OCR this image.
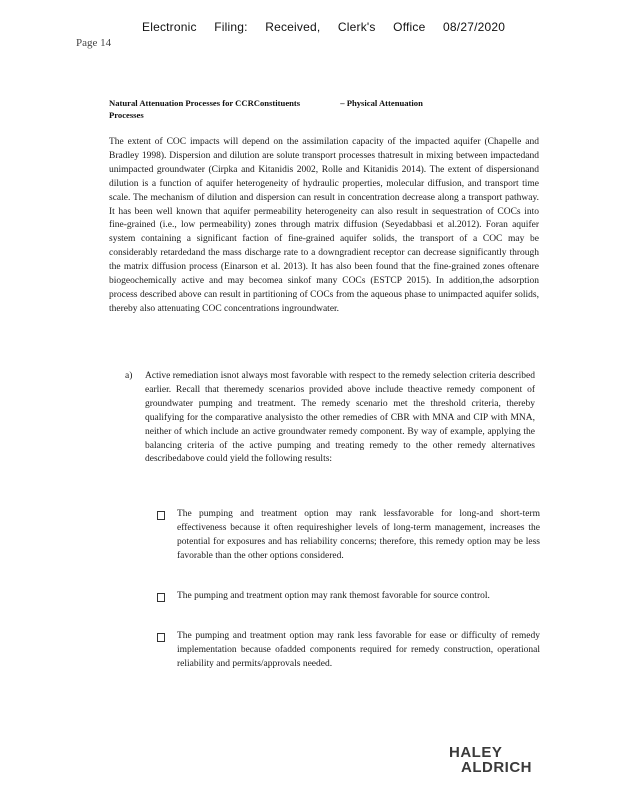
Electronic Filing: Received, Clerk's Office 08/27/2020
Page 14
Natural Attenuation Processes for CCRConstituents	– Physical Attenuation
Processes
The extent of COC impacts will depend on the assimilation capacity of the impacted aquifer (Chapelle and Bradley 1998). Dispersion and dilution are solute transport processes thatresult in mixing between impactedand unimpacted groundwater (Cirpka and Kitanidis 2002, Rolle and Kitanidis 2014). The extent of dispersionand dilution is a function of aquifer heterogeneity of hydraulic properties, molecular diffusion, and transport time scale. The mechanism of dilution and dispersion can result in concentration decrease along a transport pathway. It has been well known that aquifer permeability heterogeneity can also result in sequestration of COCs into fine-grained (i.e., low permeability) zones through matrix diffusion (Seyedabbasi et al.2012). Foran aquifer system containing a significant faction of fine-grained aquifer solids, the transport of a COC may be considerably retardedand the mass discharge rate to a downgradient receptor can decrease significantly through the matrix diffusion process (Einarson et al. 2013). It has also been found that the fine-grained zones oftenare biogeochemically active and may becomea sinkof many COCs (ESTCP 2015). In addition,the adsorption process described above can result in partitioning of COCs from the aqueous phase to unimpacted aquifer solids, thereby also attenuating COC concentrations ingroundwater.
a) Active remediation isnot always most favorable with respect to the remedy selection criteria described earlier. Recall that theremedy scenarios provided above include theactive remedy component of groundwater pumping and treatment. The remedy scenario met the threshold criteria, thereby qualifying for the comparative analysisto the other remedies of CBR with MNA and CIP with MNA, neither of which include an active groundwater remedy component. By way of example, applying the balancing criteria of the active pumping and treating remedy to the other remedy alternatives describedabove could yield the following results:
The pumping and treatment option may rank lessfavorable for long-and short-term effectiveness because it often requireshigher levels of long-term management, increases the potential for exposures and has reliability concerns; therefore, this remedy option may be less favorable than the other options considered.
The pumping and treatment option may rank themost favorable for source control.
The pumping and treatment option may rank less favorable for ease or difficulty of remedy implementation because ofadded components required for remedy construction, operational reliability and permits/approvals needed.
HALEY
ALDRICH
